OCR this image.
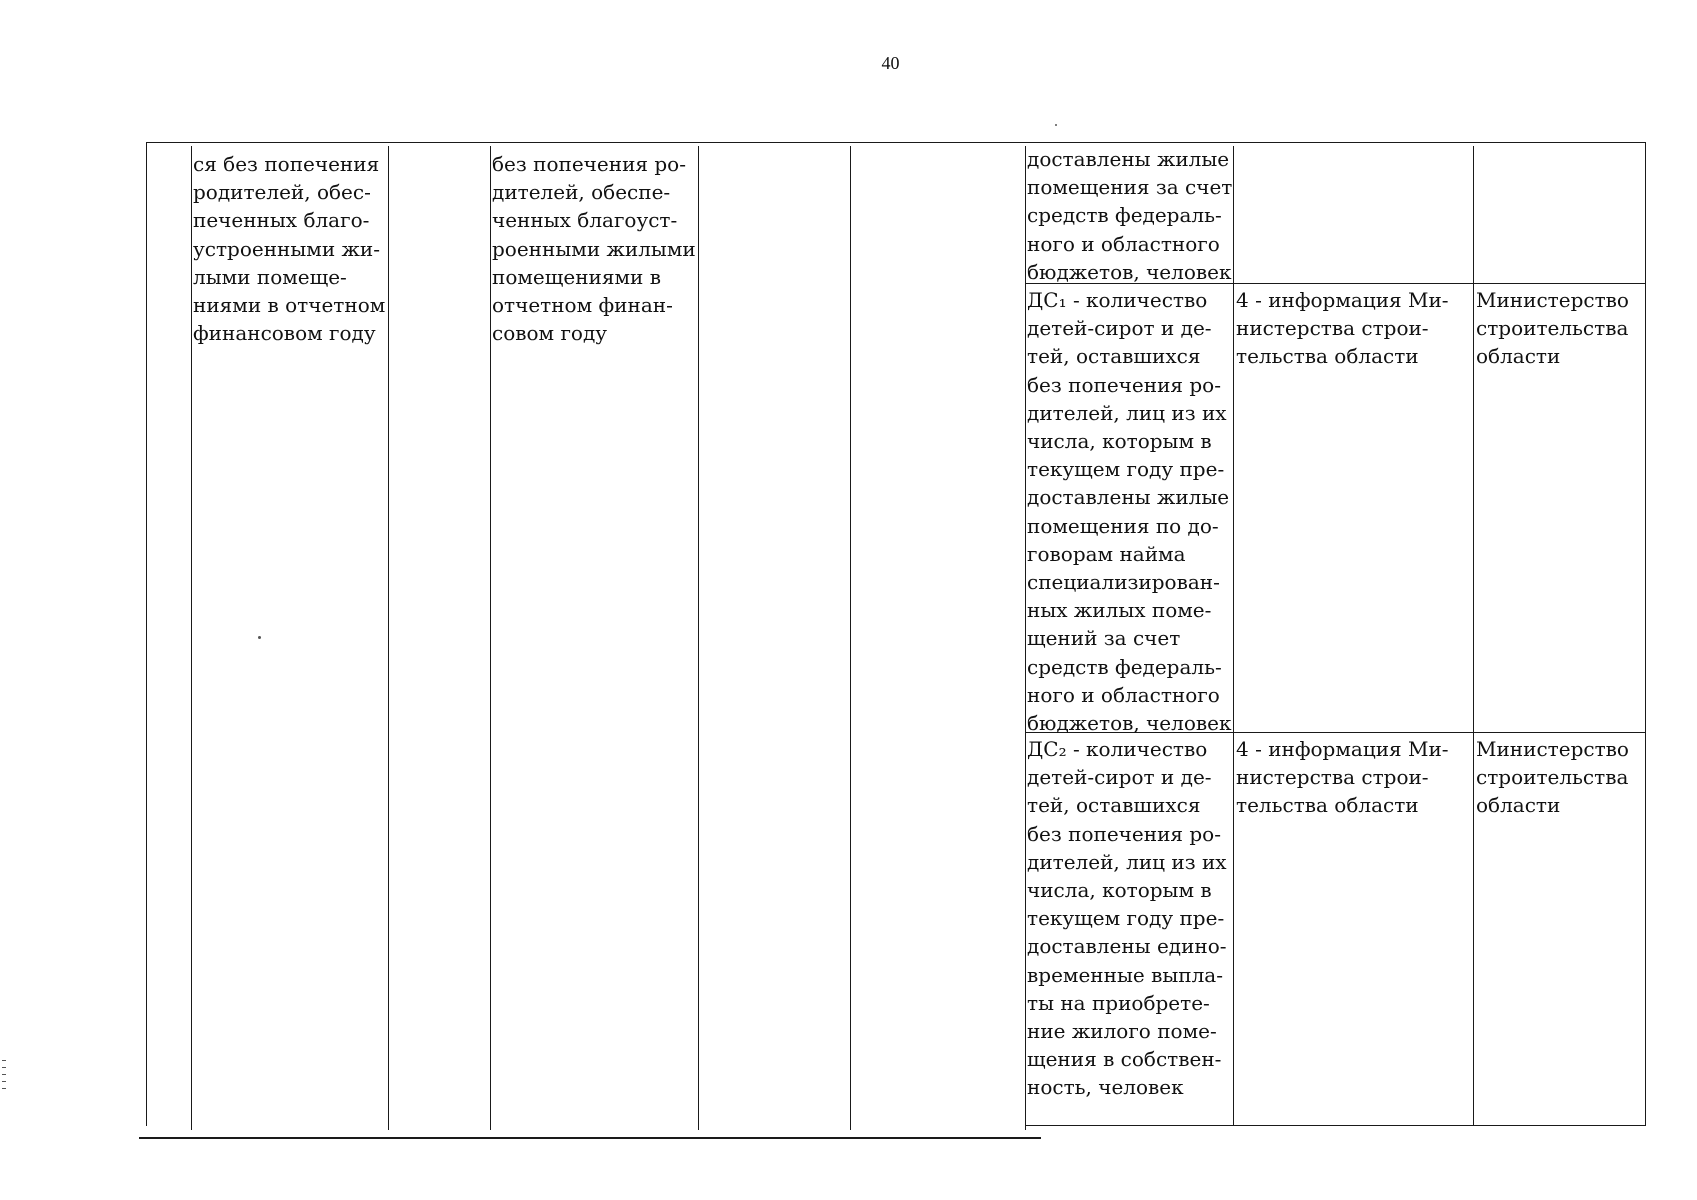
40
ся без попечения
родителей, обес-
печенных благо-
устроенными жи-
лыми помеще-
ниями в отчетном
финансовом году
без попечения ро-
дителей, обеспе-
ченных благоуст-
роенными жилыми
помещениями в
отчетном финан-
совом году
доставлены жилые
помещения за счет
средств федераль-
ного и областного
бюджетов, человек
ДС₁ - количество
детей-сирот и де-
тей, оставшихся
без попечения ро-
дителей, лиц из их
числа, которым в
текущем году пре-
доставлены жилые
помещения по до-
говорам найма
специализирован-
ных жилых поме-
щений за счет
средств федераль-
ного и областного
бюджетов, человек
4 - информация Ми-
нистерства строи-
тельства области
Министерство
строительства
области
ДС₂ - количество
детей-сирот и де-
тей, оставшихся
без попечения ро-
дителей, лиц из их
числа, которым в
текущем году пре-
доставлены едино-
временные выпла-
ты на приобрете-
ние жилого поме-
щения в собствен-
ность, человек
4 - информация Ми-
нистерства строи-
тельства области
Министерство
строительства
области
